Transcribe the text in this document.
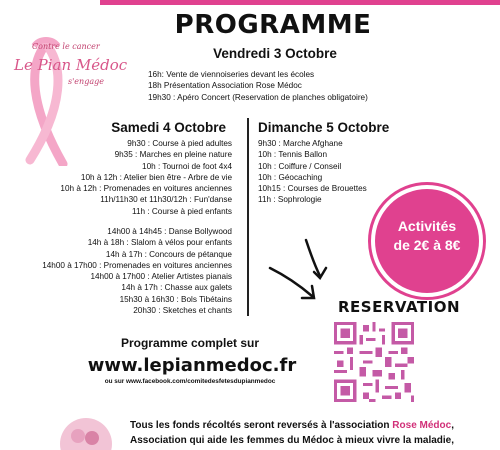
Contre le cancer
Le Pian Médoc
s'engage
PROGRAMME
Vendredi 3 Octobre
16h: Vente de viennoiseries devant les écoles
18h Présentation Association Rose Médoc
19h30 : Apéro Concert (Reservation de planches obligatoire)
Samedi 4 Octobre
9h30 : Course à pied adultes
9h35 : Marches en pleine nature
10h : Tournoi de foot 4x4
10h à 12h : Atelier bien être - Arbre de vie
10h à 12h : Promenades en voitures anciennes
11h/11h30 et 11h30/12h : Fun'danse
11h : Course à pied enfants
14h00 à 14h45 : Danse Bollywood
14h à 18h : Slalom à vélos pour enfants
14h à 17h : Concours de pétanque
14h00 à 17h00 : Promenades en voitures anciennes
14h00 à 17h00 : Atelier Artistes pianais
14h à 17h : Chasse aux galets
15h30 à 16h30 : Bols Tibétains
20h30 : Sketches et chants
Dimanche 5 Octobre
9h30 : Marche Afghane
10h : Tennis Ballon
10h : Coiffure / Conseil
10h : Géocaching
10h15 : Courses de Brouettes
11h : Sophrologie
Activités
de 2€ à 8€
RESERVATION
Programme complet sur
www.lepianmedoc.fr
ou sur www.facebook.com/comitedesfetesdupianmedoc
Tous les fonds récoltés seront reversés à l'association Rose Médoc,
Association qui aide les femmes du Médoc à mieux vivre la maladie,
